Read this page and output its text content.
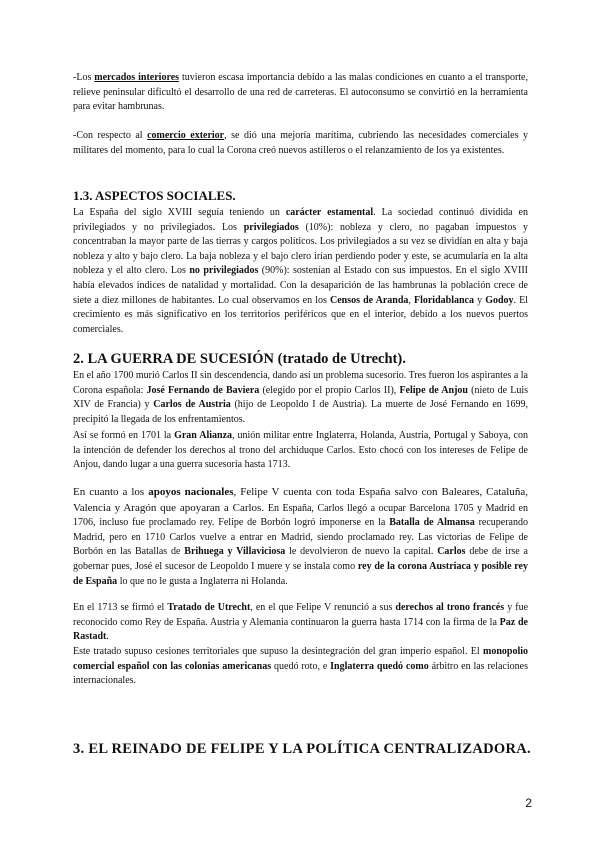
-Los mercados interiores tuvieron escasa importancia debido a las malas condiciones en cuanto a el transporte, relieve peninsular dificultó el desarrollo de una red de carreteras. El autoconsumo se convirtió en la herramienta para evitar hambrunas.

-Con respecto al comercio exterior, se dió una mejoría marítima, cubriendo las necesidades comerciales y militares del momento, para lo cual la Corona creó nuevos astilleros o el relanzamiento de los ya existentes.

1.3. ASPECTOS SOCIALES.

La España del siglo XVIII seguía teniendo un carácter estamental. La sociedad continuó dividida en privilegiados y no privilegiados. Los privilegiados (10%): nobleza y clero, no pagaban impuestos y concentraban la mayor parte de las tierras y cargos políticos. Los privilegiados a su vez se dividían en alta y baja nobleza y alto y bajo clero. La baja nobleza y el bajo clero irían perdiendo poder y este, se acumularía en la alta nobleza y el alto clero. Los no privilegiados (90%): sostenían al Estado con sus impuestos. En el siglo XVIII había elevados índices de natalidad y mortalidad. Con la desaparición de las hambrunas la población crece de siete a diez millones de habitantes. Lo cual observamos en los Censos de Aranda, Floridablanca y Godoy. El crecimiento es más significativo en los territorios periféricos que en el interior, debido a los nuevos puertos comerciales.

2. LA GUERRA DE SUCESIÓN (tratado de Utrecht).

En el año 1700 murió Carlos II sin descendencia, dando así un problema sucesorio. Tres fueron los aspirantes a la Corona española: José Fernando de Baviera (elegido por el propio Carlos II), Felipe de Anjou (nieto de Luis XIV de Francia) y Carlos de Austria (hijo de Leopoldo I de Austria). La muerte de José Fernando en 1699, precipitó la llegada de los enfrentamientos.

Así se formó en 1701 la Gran Alianza, unión militar entre Inglaterra, Holanda, Austria, Portugal y Saboya, con la intención de defender los derechos al trono del archiduque Carlos. Esto chocó con los intereses de Felipe de Anjou, dando lugar a una guerra sucesoria hasta 1713.

En cuanto a los apoyos nacionales, Felipe V cuenta con toda España salvo con Baleares, Cataluña, Valencia y Aragón que apoyaran a Carlos. En España, Carlos llegó a ocupar Barcelona 1705 y Madrid en 1706, incluso fue proclamado rey. Felipe de Borbón logró imponerse en la Batalla de Almansa recuperando Madrid, pero en 1710 Carlos vuelve a entrar en Madrid, siendo proclamado rey. Las victorias de Felipe de Borbón en las Batallas de Brihuega y Villaviciosa le devolvieron de nuevo la capital. Carlos debe de irse a gobernar pues, José el sucesor de Leopoldo I muere y se instala como rey de la corona Austriaca y posible rey de España lo que no le gusta a Inglaterra ni Holanda.

En el 1713 se firmó el Tratado de Utrecht, en el que Felipe V renunció a sus derechos al trono francés y fue reconocido como Rey de España. Austria y Alemania continuaron la guerra hasta 1714 con la firma de la Paz de Rastadt.

Este tratado supuso cesiones territoriales que supuso la desintegración del gran imperio español. El monopolio comercial español con las colonias americanas quedó roto, e Inglaterra quedó como árbitro en las relaciones internacionales.

3. EL REINADO DE FELIPE Y LA POLÍTICA CENTRALIZADORA.
2
